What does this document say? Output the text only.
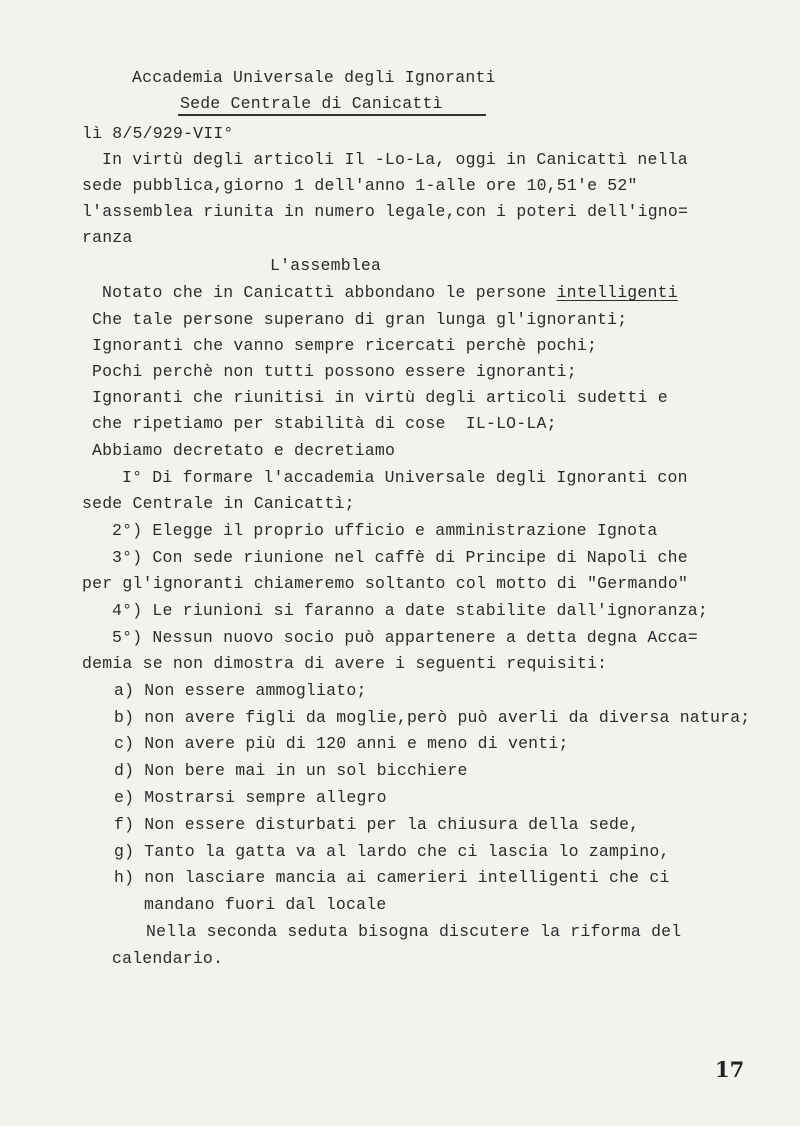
Accademia Universale degli Ignoranti
Sede Centrale di Canicattì
lì 8/5/929-VII°
In virtù degli articoli Il -Lo-La, oggi in Canicattì nella
sede pubblica,giorno 1 dell'anno 1-alle ore 10,51'e 52"
l'assemblea riunita in numero legale,con i poteri dell'igno=
ranza
L'assemblea
Notato che in Canicattì abbondano le persone intelligenti
Che tale persone superano di gran lunga gl'ignoranti;
Ignoranti che vanno sempre ricercati perchè pochi;
Pochi perchè non tutti possono essere ignoranti;
Ignoranti che riunitisi in virtù degli articoli sudetti e
che ripetiamo per stabilità di cose  IL-LO-LA;
Abbiamo decretato e decretiamo
I° Di formare l'accademia Universale degli Ignoranti con
sede Centrale in Canicattì;
2°) Elegge il proprio ufficio e amministrazione Ignota
3°) Con sede riunione nel caffè di Principe di Napoli che
per gl'ignoranti chiameremo soltanto col motto di "Germando"
4°) Le riunioni si faranno a date stabilite dall'ignoranza;
5°) Nessun nuovo socio può appartenere a detta degna Acca=
demia se non dimostra di avere i seguenti requisiti:
a) Non essere ammogliato;
b) non avere figli da moglie,però può averli da diversa natura;
c) Non avere più di 120 anni e meno di venti;
d) Non bere mai in un sol bicchiere
e) Mostrarsi sempre allegro
f) Non essere disturbati per la chiusura della sede,
g) Tanto la gatta va al lardo che ci lascia lo zampino,
h) non lasciare mancia ai camerieri intelligenti che ci
mandano fuori dal locale
Nella seconda seduta bisogna discutere la riforma del
calendario.
17
